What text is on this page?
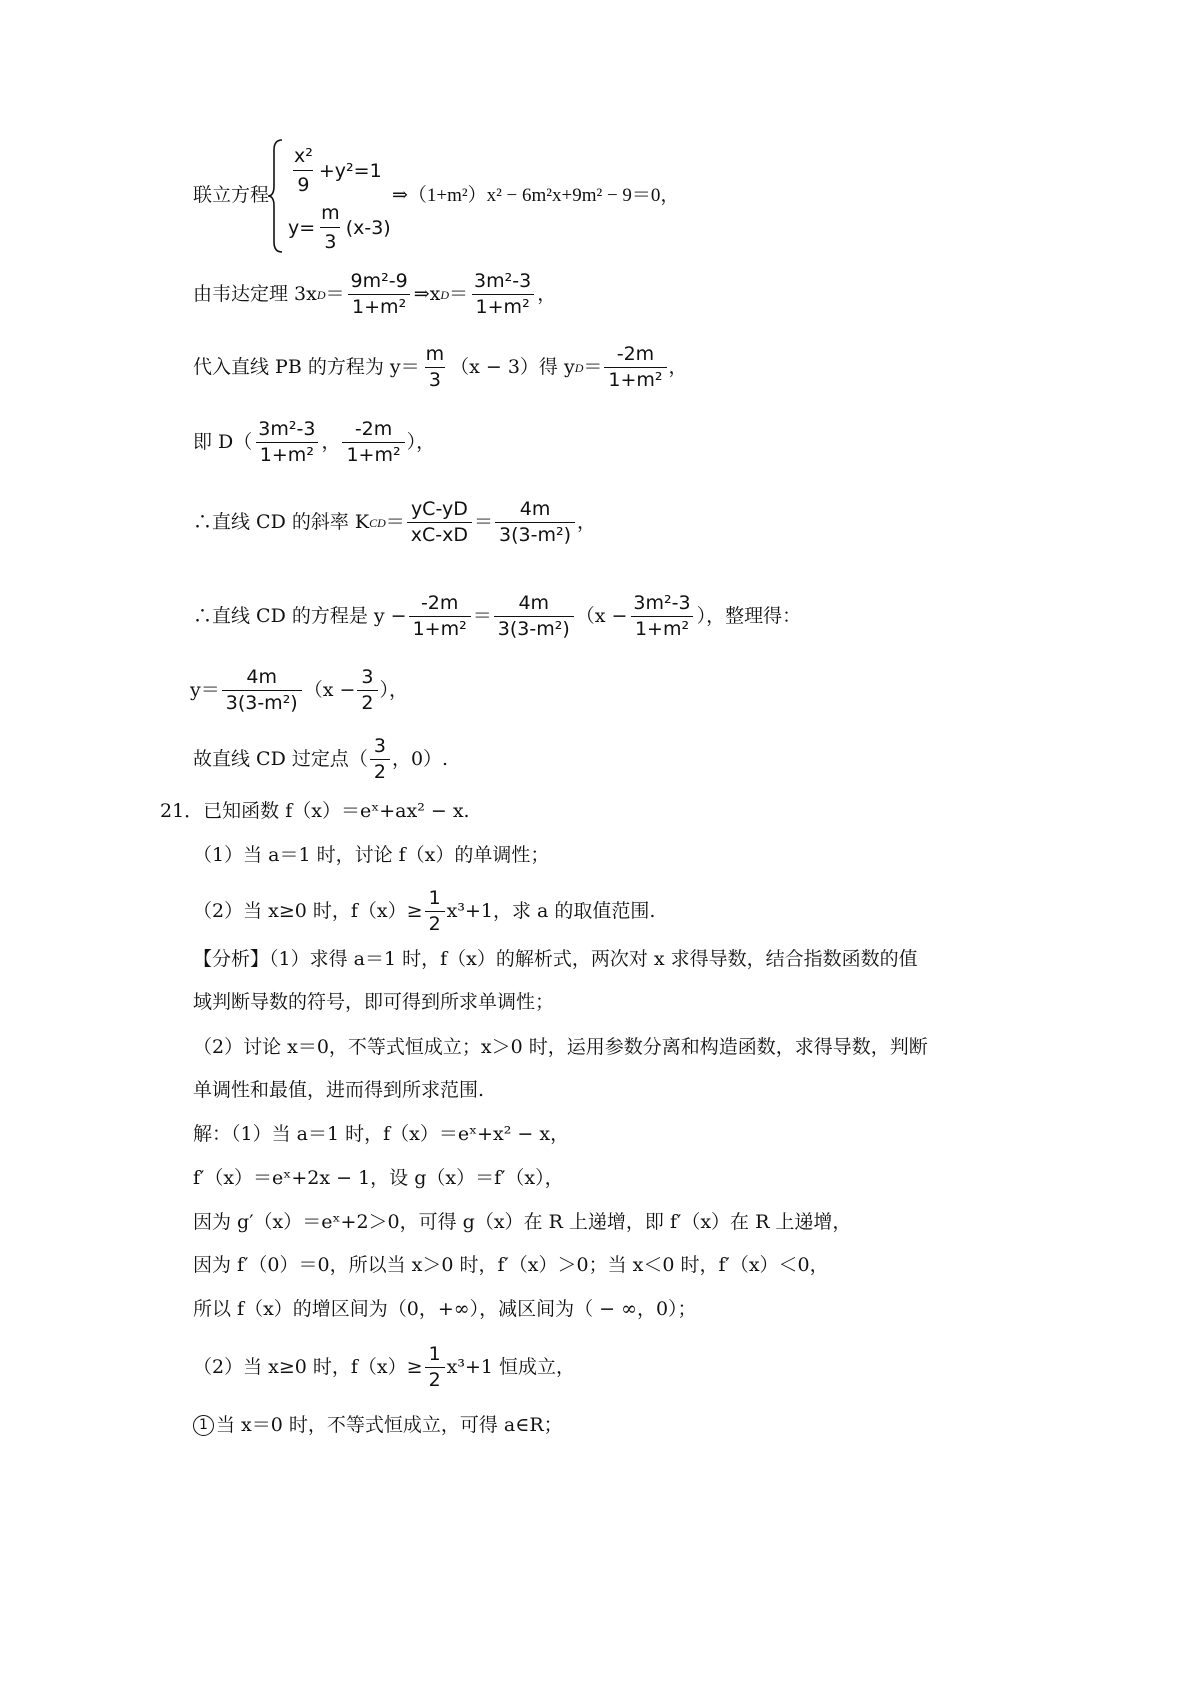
联立方程 $\frac{\text{x²}}{9} +y^2=1$
$y= \frac{m}{3} (x-3)$
⇒（1+m²）x² − 6m²x+9m² − 9＝0，
由韦达定理 3x $D = \frac{\text{9m²-9}}{\text{1+m²}}$ ⇒x $D = \frac{\text{3m²-3}}{\text{1+m²}}$ ，
代入直线 PB 的方程为 $y= \frac{m}{3} (x - 3)$得 y $D = \frac{-2m}{\text{1+m²}}$ ，
即 $D( \frac{\text{3m²-3}}{\text{1+m²}}$ ， $\frac{-2m}{\text{1+m²}}$ ），
∴直线 CD 的斜率 K CD ＝ $\frac{yC-yD}{xC-xD} = \frac{4m}{\text{3(3-m²)}}$ ，
∴直线 CD 的方程是 $y - \frac{-2m}{\text{1+m²}} = \frac{4m}{\text{3(3-m²)}} (x - \frac{\text{3m²-3}}{\text{1+m²}}$ ），整理得：
$y= \frac{4m}{\text{3(3-m²)}} (x - \frac{3}{2}$ ），
故直线 CD 过定点（ $\frac{3}{2}$ ，0）.
21．已知函数 f（x）＝eˣ+ax² − x.
（1）当 a＝1 时，讨论 f（x）的单调性；
（2）当 x≥0 时，$f(x)\ge \frac{1}{2} x^3+1$，求 a 的取值范围.
【分析】（1）求得 a＝1 时，f（x）的解析式，两次对 x 求得导数，结合指数函数的值
域判断导数的符号，即可得到所求单调性；
（2）讨论 x＝0，不等式恒成立；x＞0 时，运用参数分离和构造函数，求得导数，判断
单调性和最值，进而得到所求范围.
解：（1）当 a＝1 时，f（x）＝eˣ+x² − x，
f′（x）＝eˣ+2x − 1，设 g（x）＝f′（x），
因为 g′（x）＝eˣ+2＞0，可得 g（x）在 R 上递增，即 f′（x）在 R 上递增，
因为 f′（0）＝0，所以当 x＞0 时，f′（x）＞0；当 x＜0 时，f′（x）＜0，
所以 f（x）的增区间为（0，+∞），减区间为（ − ∞，0）；
（2）当 x≥0 时，$f(x)\ge \frac{1}{2} x^3+1$ 恒成立，
1 当 x＝0 时，不等式恒成立，可得 a∈R；
